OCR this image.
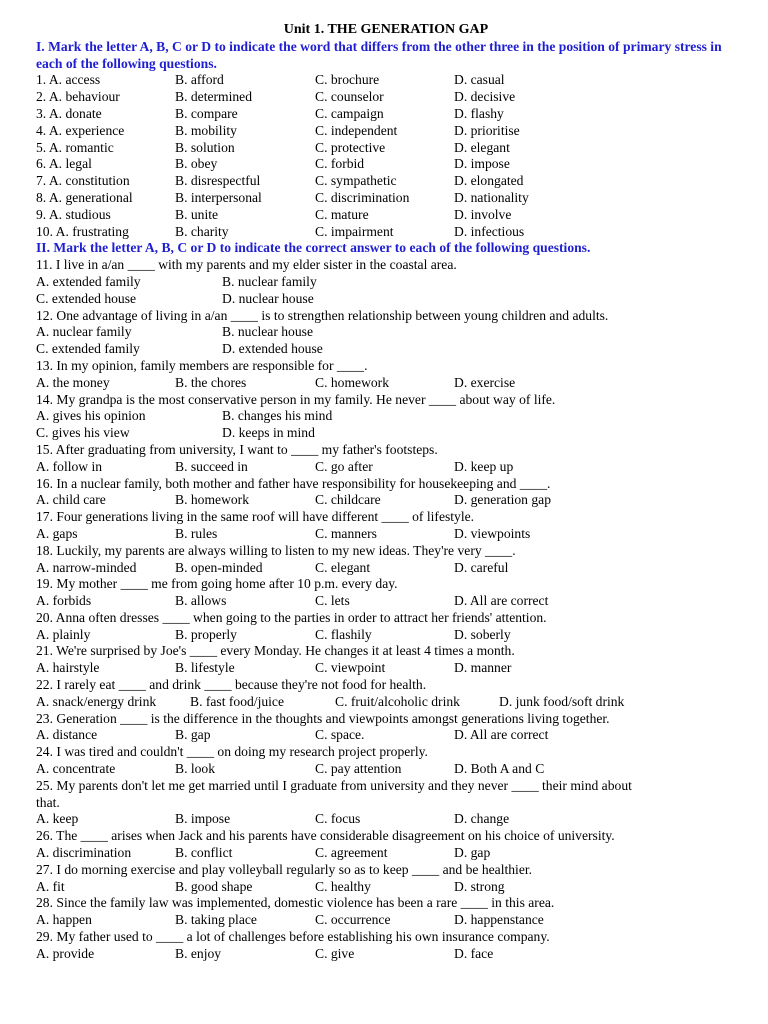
Unit 1. THE GENERATION GAP
I. Mark the letter A, B, C or D to indicate the word that differs from the other three in the position of primary stress in each of the following questions.
1. A. access	B. afford	C. brochure	D. casual
2. A. behaviour	B. determined	C. counselor	D. decisive
3. A. donate	B. compare	C. campaign	D. flashy
4. A. experience	B. mobility	C. independent	D. prioritise
5. A. romantic	B. solution	C. protective	D. elegant
6. A. legal	B. obey	C. forbid	D. impose
7. A. constitution	B. disrespectful	C. sympathetic	D. elongated
8. A. generational	B. interpersonal	C. discrimination	D. nationality
9. A. studious	B. unite	C. mature	D. involve
10. A. frustrating	B. charity	C. impairment	D. infectious
II. Mark the letter A, B, C or D to indicate the correct answer to each of the following questions.
11. I live in a/an ____ with my parents and my elder sister in the coastal area.
A. extended family	B. nuclear family
C. extended house	D. nuclear house
12. One advantage of living in a/an ____ is to strengthen relationship between young children and adults.
A. nuclear family	B. nuclear house
C. extended family	D. extended house
13. In my opinion, family members are responsible for ____.
A. the money	B. the chores	C. homework	D. exercise
14. My grandpa is the most conservative person in my family. He never ____ about way of life.
A. gives his opinion	B. changes his mind
C. gives his view	D. keeps in mind
15. After graduating from university, I want to ____ my father's footsteps.
A. follow in	B. succeed in	C. go after	D. keep up
16. In a nuclear family, both mother and father have responsibility for housekeeping and ____.
A. child care	B. homework	C. childcare	D. generation gap
17. Four generations living in the same roof will have different ____ of lifestyle.
A. gaps	B. rules	C. manners	D. viewpoints
18. Luckily, my parents are always willing to listen to my new ideas. They're very ____.
A. narrow-minded	B. open-minded	C. elegant	D. careful
19. My mother ____ me from going home after 10 p.m. every day.
A. forbids	B. allows	C. lets	D. All are correct
20. Anna often dresses ____ when going to the parties in order to attract her friends' attention.
A. plainly	B. properly	C. flashily	D. soberly
21. We're surprised by Joe's ____ every Monday. He changes it at least 4 times a month.
A. hairstyle	B. lifestyle	C. viewpoint	D. manner
22. I rarely eat ____ and drink ____ because they're not food for health.
A. snack/energy drink B. fast food/juice	C. fruit/alcoholic drink	D. junk food/soft drink
23. Generation ____ is the difference in the thoughts and viewpoints amongst generations living together.
A. distance	B. gap	C. space.	D. All are correct
24. I was tired and couldn't ____ on doing my research project properly.
A. concentrate	B. look	C. pay attention	D. Both A and C
25. My parents don't let me get married until I graduate from university and they never ____ their mind about
that.
A. keep	B. impose	C. focus	D. change
26. The ____ arises when Jack and his parents have considerable disagreement on his choice of university.
A. discrimination	B. conflict	C. agreement	D. gap
27. I do morning exercise and play volleyball regularly so as to keep ____ and be healthier.
A. fit	B. good shape	C. healthy	D. strong
28. Since the family law was implemented, domestic violence has been a rare ____ in this area.
A. happen	B. taking place	C. occurrence	D. happenstance
29. My father used to ____ a lot of challenges before establishing his own insurance company.
A. provide	B. enjoy	C. give	D. face
